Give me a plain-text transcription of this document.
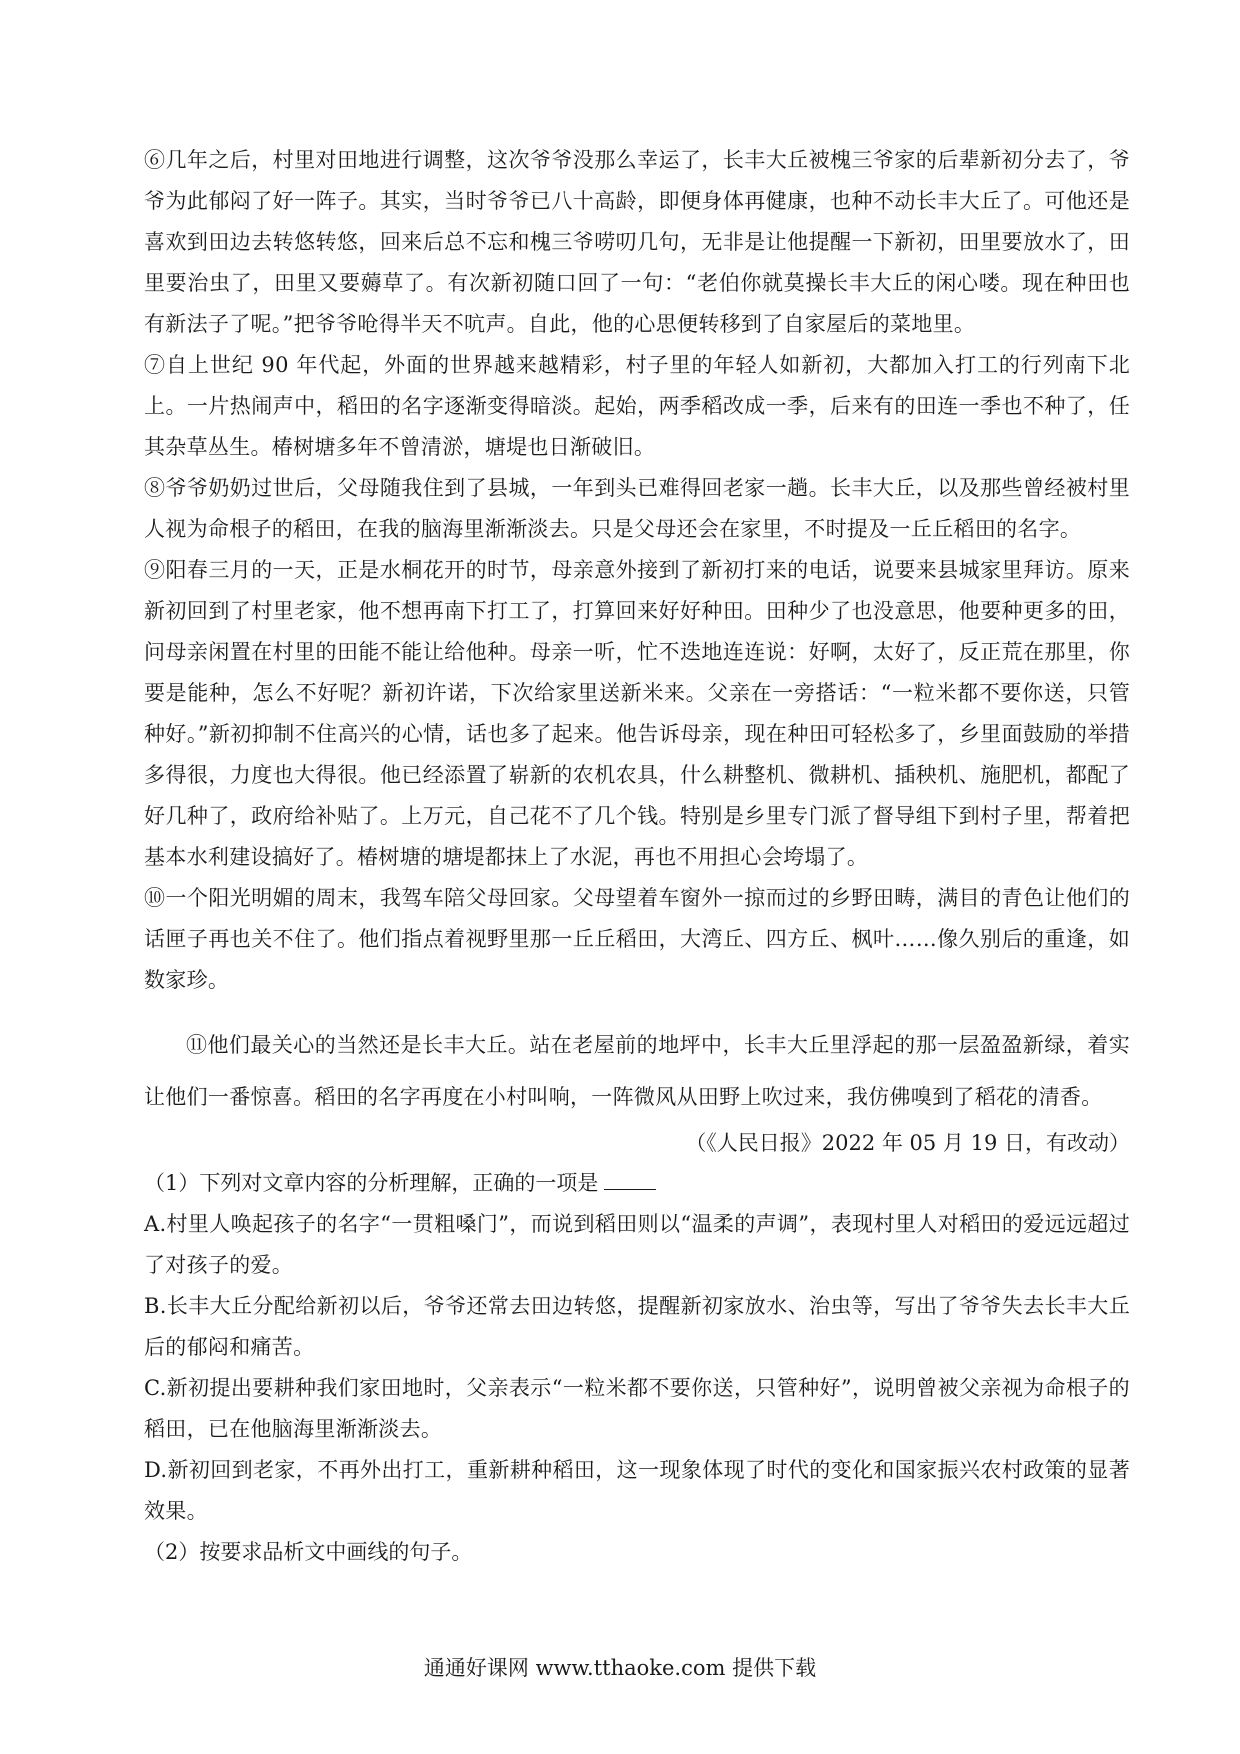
⑥几年之后，村里对田地进行调整，这次爷爷没那么幸运了，长丰大丘被槐三爷家的后辈新初分去了，爷爷为此郁闷了好一阵子。其实，当时爷爷已八十高龄，即便身体再健康，也种不动长丰大丘了。可他还是喜欢到田边去转悠转悠，回来后总不忘和槐三爷唠叨几句，无非是让他提醒一下新初，田里要放水了，田里要治虫了，田里又要薅草了。有次新初随口回了一句：“老伯你就莫操长丰大丘的闲心喽。现在种田也有新法子了呢。”把爷爷呛得半天不吭声。自此，他的心思便转移到了自家屋后的菜地里。

⑦自上世纪 90 年代起，外面的世界越来越精彩，村子里的年轻人如新初，大都加入打工的行列南下北上。一片热闹声中，稻田的名字逐渐变得暗淡。起始，两季稻改成一季，后来有的田连一季也不种了，任其杂草丛生。椿树塘多年不曾清淤，塘堤也日渐破旧。

⑧爷爷奶奶过世后，父母随我住到了县城，一年到头已难得回老家一趟。长丰大丘，以及那些曾经被村里人视为命根子的稻田，在我的脑海里渐渐淡去。只是父母还会在家里，不时提及一丘丘稻田的名字。

⑨阳春三月的一天，正是水桐花开的时节，母亲意外接到了新初打来的电话，说要来县城家里拜访。原来新初回到了村里老家，他不想再南下打工了，打算回来好好种田。田种少了也没意思，他要种更多的田，问母亲闲置在村里的田能不能让给他种。母亲一听，忙不迭地连连说：好啊，太好了，反正荒在那里，你要是能种，怎么不好呢？新初许诺，下次给家里送新米来。父亲在一旁搭话：“一粒米都不要你送，只管种好。”新初抑制不住高兴的心情，话也多了起来。他告诉母亲，现在种田可轻松多了，乡里面鼓励的举措多得很，力度也大得很。他已经添置了崭新的农机农具，什么耕整机、微耕机、插秧机、施肥机，都配了好几种了，政府给补贴了。上万元，自己花不了几个钱。特别是乡里专门派了督导组下到村子里，帮着把基本水利建设搞好了。椿树塘的塘堤都抹上了水泥，再也不用担心会垮塌了。

⑩一个阳光明媚的周末，我驾车陪父母回家。父母望着车窗外一掠而过的乡野田畴，满目的青色让他们的话匣子再也关不住了。他们指点着视野里那一丘丘稻田，大湾丘、四方丘、枫叶……像久别后的重逢，如数家珍。

⑪他们最关心的当然还是长丰大丘。站在老屋前的地坪中，长丰大丘里浮起的那一层盈盈新绿，着实让他们一番惊喜。稻田的名字再度在小村叫响，一阵微风从田野上吹过来，我仿佛嗅到了稻花的清香。

（《人民日报》2022 年 05 月 19 日，有改动）

（1）下列对文章内容的分析理解，正确的一项是

A.村里人唤起孩子的名字“一贯粗嗓门”，而说到稻田则以“温柔的声调”，表现村里人对稻田的爱远远超过了对孩子的爱。

B.长丰大丘分配给新初以后，爷爷还常去田边转悠，提醒新初家放水、治虫等，写出了爷爷失去长丰大丘后的郁闷和痛苦。

C.新初提出要耕种我们家田地时，父亲表示“一粒米都不要你送，只管种好”，说明曾被父亲视为命根子的稻田，已在他脑海里渐渐淡去。

D.新初回到老家，不再外出打工，重新耕种稻田，这一现象体现了时代的变化和国家振兴农村政策的显著效果。

（2）按要求品析文中画线的句子。

通通好课网 www.tthaoke.com 提供下载
